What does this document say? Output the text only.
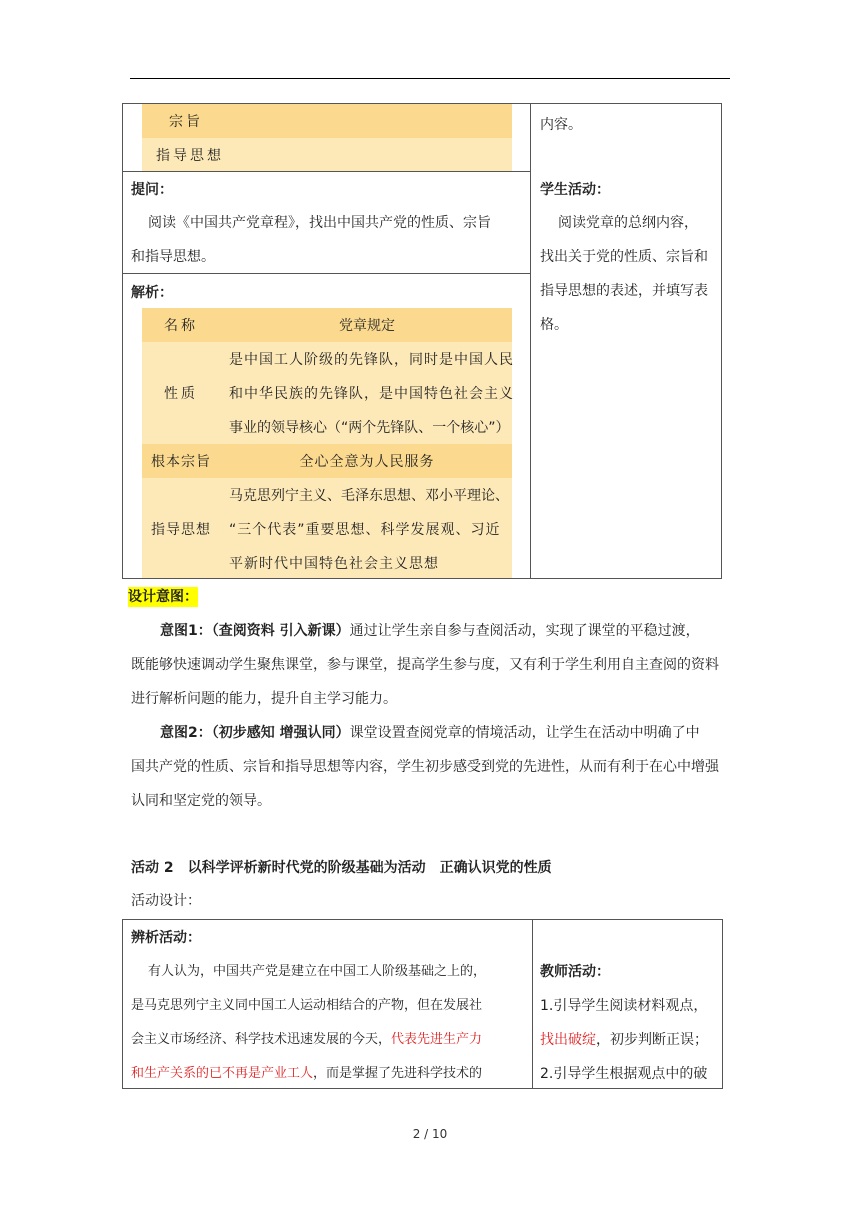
宗旨
指导思想
内容。
提问：
阅读《中国共产党章程》，找出中国共产党的性质、宗旨
和指导思想。
学生活动：
阅读党章的总纲内容，
找出关于党的性质、宗旨和
指导思想的表述，并填写表
格。
解析：
名称	党章规定
性质
是中国工人阶级的先锋队，同时是中国人民
和中华民族的先锋队，是中国特色社会主义
事业的领导核心（“两个先锋队、一个核心”）
根本宗旨	全心全意为人民服务
指导思想
马克思列宁主义、毛泽东思想、邓小平理论、
“三个代表”重要思想、科学发展观、习近
平新时代中国特色社会主义思想
设计意图：
意图1：（查阅资料 引入新课）通过让学生亲自参与查阅活动，实现了课堂的平稳过渡，
既能够快速调动学生聚焦课堂，参与课堂，提高学生参与度，又有利于学生利用自主查阅的资料
进行解析问题的能力，提升自主学习能力。
意图2：（初步感知 增强认同）课堂设置查阅党章的情境活动，让学生在活动中明确了中
国共产党的性质、宗旨和指导思想等内容，学生初步感受到党的先进性，从而有利于在心中增强
认同和坚定党的领导。
活动 2　以科学评析新时代党的阶级基础为活动　正确认识党的性质
活动设计：
辨析活动：
有人认为，中国共产党是建立在中国工人阶级基础之上的，
是马克思列宁主义同中国工人运动相结合的产物，但在发展社
会主义市场经济、科学技术迅速发展的今天，代表先进生产力
和生产关系的已不再是产业工人，而是掌握了先进科学技术的
教师活动：
1.引导学生阅读材料观点，
找出破绽，初步判断正误；
2.引导学生根据观点中的破
2 / 10
